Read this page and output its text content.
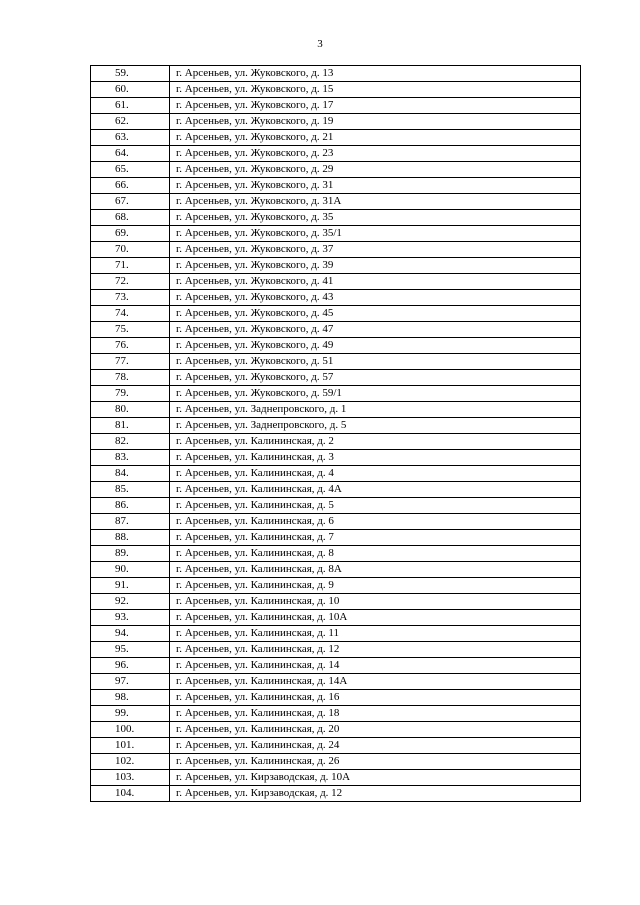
3
59.	г. Арсеньев, ул. Жуковского, д. 13
60.	г. Арсеньев, ул. Жуковского, д. 15
61.	г. Арсеньев, ул. Жуковского, д. 17
62.	г. Арсеньев, ул. Жуковского, д. 19
63.	г. Арсеньев, ул. Жуковского, д. 21
64.	г. Арсеньев, ул. Жуковского, д. 23
65.	г. Арсеньев, ул. Жуковского, д. 29
66.	г. Арсеньев, ул. Жуковского, д. 31
67.	г. Арсеньев, ул. Жуковского, д. 31А
68.	г. Арсеньев, ул. Жуковского, д. 35
69.	г. Арсеньев, ул. Жуковского, д. 35/1
70.	г. Арсеньев, ул. Жуковского, д. 37
71.	г. Арсеньев, ул. Жуковского, д. 39
72.	г. Арсеньев, ул. Жуковского, д. 41
73.	г. Арсеньев, ул. Жуковского, д. 43
74.	г. Арсеньев, ул. Жуковского, д. 45
75.	г. Арсеньев, ул. Жуковского, д. 47
76.	г. Арсеньев, ул. Жуковского, д. 49
77.	г. Арсеньев, ул. Жуковского, д. 51
78.	г. Арсеньев, ул. Жуковского, д. 57
79.	г. Арсеньев, ул. Жуковского, д. 59/1
80.	г. Арсеньев, ул. Заднепровского, д. 1
81.	г. Арсеньев, ул. Заднепровского, д. 5
82.	г. Арсеньев, ул. Калининская, д. 2
83.	г. Арсеньев, ул. Калининская, д. 3
84.	г. Арсеньев, ул. Калининская, д. 4
85.	г. Арсеньев, ул. Калининская, д. 4А
86.	г. Арсеньев, ул. Калининская, д. 5
87.	г. Арсеньев, ул. Калининская, д. 6
88.	г. Арсеньев, ул. Калининская, д. 7
89.	г. Арсеньев, ул. Калининская, д. 8
90.	г. Арсеньев, ул. Калининская, д. 8А
91.	г. Арсеньев, ул. Калининская, д. 9
92.	г. Арсеньев, ул. Калининская, д. 10
93.	г. Арсеньев, ул. Калининская, д. 10А
94.	г. Арсеньев, ул. Калининская, д. 11
95.	г. Арсеньев, ул. Калининская, д. 12
96.	г. Арсеньев, ул. Калининская, д. 14
97.	г. Арсеньев, ул. Калининская, д. 14А
98.	г. Арсеньев, ул. Калининская, д. 16
99.	г. Арсеньев, ул. Калининская, д. 18
100.	г. Арсеньев, ул. Калининская, д. 20
101.	г. Арсеньев, ул. Калининская, д. 24
102.	г. Арсеньев, ул. Калининская, д. 26
103.	г. Арсеньев, ул. Кирзаводская, д. 10А
104.	г. Арсеньев, ул. Кирзаводская, д. 12
